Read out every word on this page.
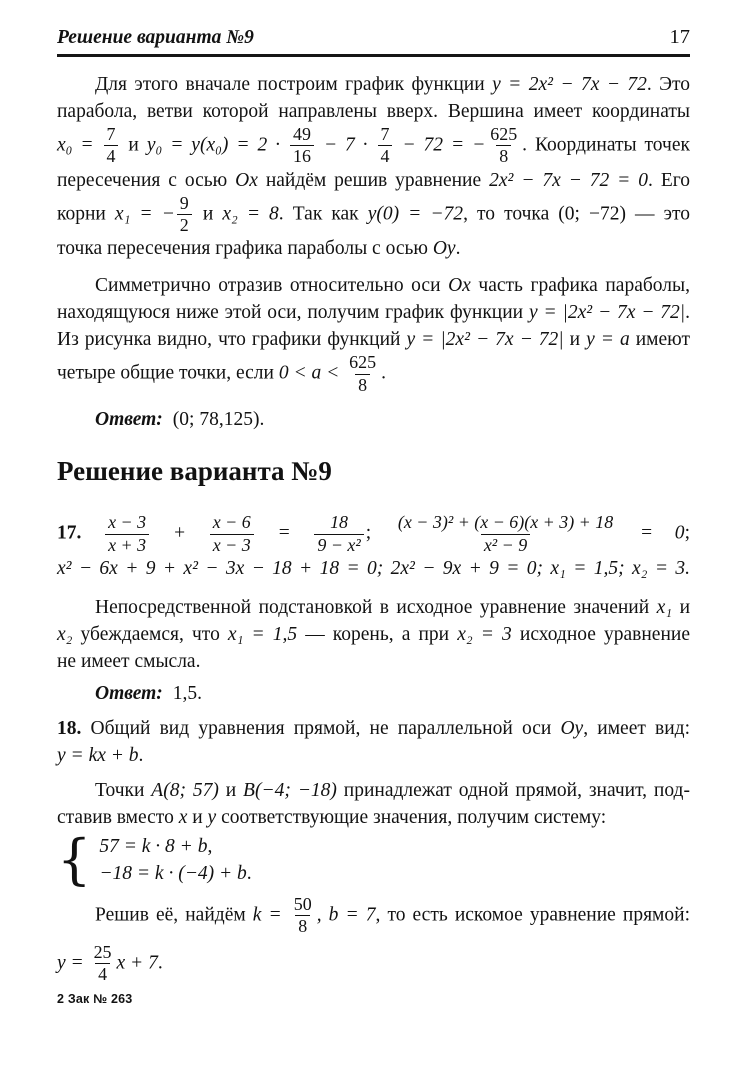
Решение варианта №9	17
Для этого вначале построим график функции y = 2x² − 7x − 72. Это
парабола, ветви которой направлены вверх. Вершина имеет координаты
$x_0 = \frac{7}{4}$ и $y_0 = y(x_0) = 2 \cdot \frac{49}{16} - 7 \cdot \frac{7}{4} - 72$ = − $\frac{625}{8}$ . Координаты точек
пересечения с осью Ox найдём решив уравнение 2x² − 7x − 72 = 0. Его
корни x₁ = − $\frac{9}{2}$ и x₂ = 8. Так как y(0) = −72, то точка (0; −72) — это
точка пересечения графика параболы с осью Oy.
Симметрично отразив относительно оси Ox часть графика параболы,
находящуюся ниже этой оси, получим график функции y = |2x² − 7x − 72|.
Из рисунка видно, что графики функций y = |2x² − 7x − 72| и y = a имеют
четыре общие точки, если $0 < a < \frac{625}{8}$ .
Ответ: (0; 78,125).
Решение варианта №9
17. $\frac{x - 3}{x + 3} + \frac{x - 6}{x - 3} = \frac{18}{\text{9 − x²}}$ ; $\frac{\text{(x − 3)² + (x − 6)(x + 3) + 18}}{\text{x² − 9}} = 0$;
x² − 6x + 9 + x² − 3x − 18 + 18 = 0; 2x² − 9x + 9 = 0; x₁ = 1,5; x₂ = 3.
Непосредственной подстановкой в исходное уравнение значений x₁ и
x₂ убеждаемся, что x₁ = 1,5 — корень, а при x₂ = 3 исходное уравнение
не имеет смысла.
Ответ: 1,5.
18. Общий вид уравнения прямой, не параллельной оси Oy, имеет вид:
y = kx + b.
Точки A(8; 57) и B(−4; −18) принадлежат одной прямой, значит, под-
ставив вместо x и y соответствующие значения, получим систему:
{ 57 = k · 8 + b,
−18 = k · (−4) + b.
Решив её, найдём $k = \frac{50}{8}$ , b = 7, то есть искомое уравнение прямой:
$y = \frac{25}{4}$ x + 7.
2 Зак № 263
